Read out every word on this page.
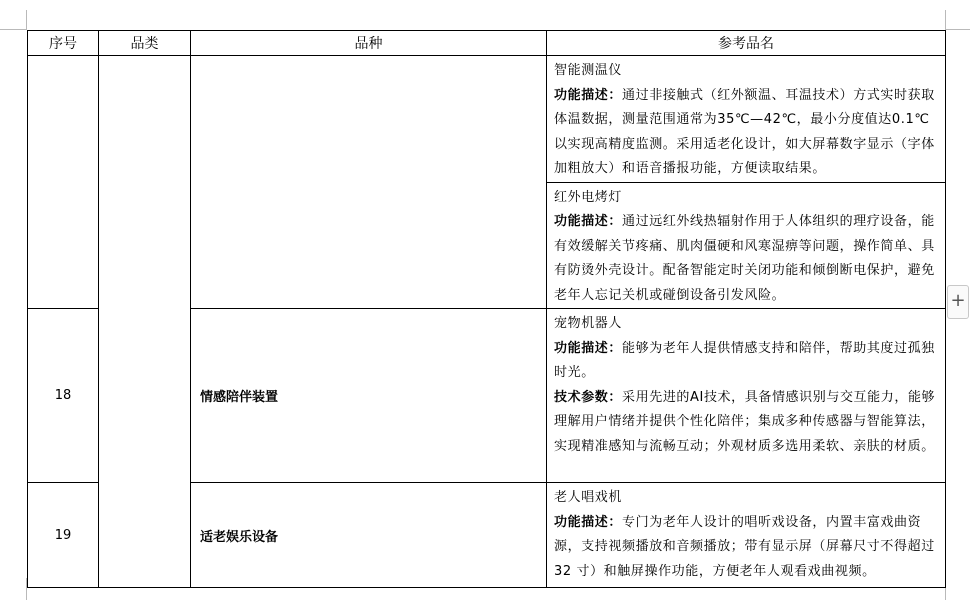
序号	品类	品种	参考品名

			智能测温仪
功能描述：通过非接触式（红外额温、耳温技术）方式实时获取体温数据，测量范围通常为35℃—42℃，最小分度值达0.1℃以实现高精度监测。采用适老化设计，如大屏幕数字显示（字体加粗放大）和语音播报功能，方便读取结果。

			红外电烤灯
功能描述：通过远红外线热辐射作用于人体组织的理疗设备，能有效缓解关节疼痛、肌肉僵硬和风寒湿痹等问题，操作简单、具有防烫外壳设计。配备智能定时关闭功能和倾倒断电保护，避免老年人忘记关机或碰倒设备引发风险。
18		情感陪伴装置	宠物机器人
功能描述：能够为老年人提供情感支持和陪伴，帮助其度过孤独时光。
技术参数：采用先进的AI技术，具备情感识别与交互能力，能够理解用户情绪并提供个性化陪伴；集成多种传感器与智能算法，实现精准感知与流畅互动；外观材质多选用柔软、亲肤的材质。
19		适老娱乐设备	老人唱戏机
功能描述：专门为老年人设计的唱听戏设备，内置丰富戏曲资源，支持视频播放和音频播放；带有显示屏（屏幕尺寸不得超过 32 寸）和触屏操作功能，方便老年人观看戏曲视频。
+
